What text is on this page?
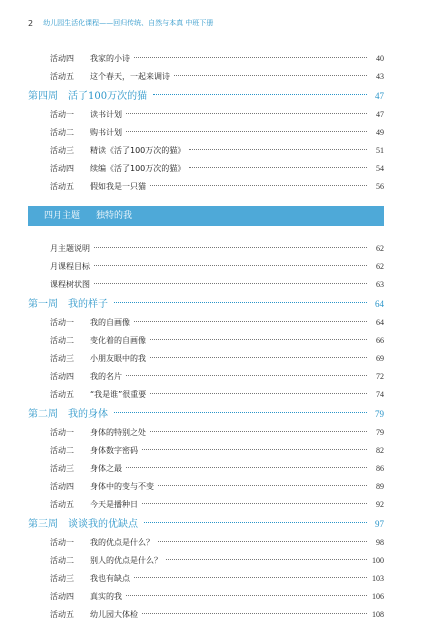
2 幼儿园生活化课程——回归传统、自然与本真 中班下册
活动四	我家的小诗	40
活动五	这个春天，一起来调诗	43
第四周　活了100万次的猫	47
活动一	读书计划	47
活动二	购书计划	49
活动三	精读《活了100万次的猫》	51
活动四	续编《活了100万次的猫》	54
活动五	假如我是一只猫	56
四月主题 独特的我
月主题说明	62
月课程目标	62
课程树状图	63
第一周　我的样子	64
活动一	我的自画像	64
活动二	变化着的自画像	66
活动三	小朋友眼中的我	69
活动四	我的名片	72
活动五	“我是谁”很重要	74
第二周　我的身体	79
活动一	身体的特别之处	79
活动二	身体数字密码	82
活动三	身体之最	86
活动四	身体中的变与不变	89
活动五	今天是播种日	92
第三周　谈谈我的优缺点	97
活动一	我的优点是什么？	98
活动二	别人的优点是什么？	100
活动三	我也有缺点	103
活动四	真实的我	106
活动五	幼儿园大体检	108
